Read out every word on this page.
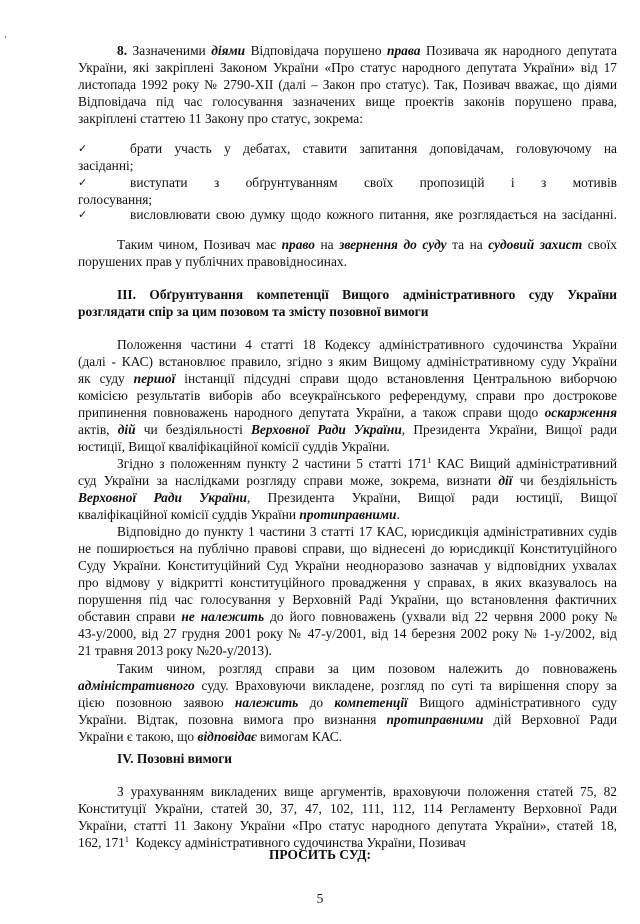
8. Зазначеними діями Відповідача порушено права Позивача як народного депутата
України, які закріплені Законом України «Про статус народного депутата України» від 17
листопада 1992 року № 2790-XII (далі – Закон про статус). Так, Позивач вважає, що діями
Відповідача під час голосування зазначених вище проектів законів порушено права,
закріплені статтею 11 Закону про статус, зокрема:
✓	брати участь у дебатах, ставити запитання доповідачам, головуючому на
засіданні;
✓	виступати з обґрунтуванням своїх пропозицій і з мотивів
голосування;
✓	висловлювати свою думку щодо кожного питання, яке розглядається на засіданні.
Таким чином, Позивач має право на звернення до суду та на судовий захист своїх
порушених прав у публічних правовідносинах.
ІІІ. Обґрунтування компетенції Вищого адміністративного суду України
розглядати спір за цим позовом та змісту позовної вимоги
Положення частини 4 статті 18 Кодексу адміністративного судочинства України
(далі - КАС) встановлює правило, згідно з яким Вищому адміністративному суду України
як суду першої інстанції підсудні справи щодо встановлення Центральною виборчою
комісією результатів виборів або всеукраїнського референдуму, справи про дострокове
припинення повноважень народного депутата України, а також справи щодо оскарження
актів, дій чи бездіяльності Верховної Ради України, Президента України, Вищої ради
юстиції, Вищої кваліфікаційної комісії суддів України.
Згідно з положенням пункту 2 частини 5 статті $171^1$ КАС Вищий адміністративний
суд України за наслідками розгляду справи може, зокрема, визнати дії чи бездіяльність
Верховної Ради України, Президента України, Вищої ради юстиції, Вищої
кваліфікаційної комісії суддів України протиправними.
Відповідно до пункту 1 частини 3 статті 17 КАС, юрисдикція адміністративних судів
не поширюється на публічно правові справи, що віднесені до юрисдикції Конституційного
Суду України. Конституційний Суд України неодноразово зазначав у відповідних ухвалах
про відмову у відкритті конституційного провадження у справах, в яких вказувалось на
порушення під час голосування у Верховній Раді України, що встановлення фактичних
обставин справи не належить до його повноважень (ухвали від 22 червня 2000 року №
43-у/2000, від 27 грудня 2001 року № 47-у/2001, від 14 березня 2002 року № 1-у/2002, від
21 травня 2013 року №20-у/2013).
Таким чином, розгляд справи за цим позовом належить до повноважень
адміністративного суду. Враховуючи викладене, розгляд по суті та вирішення спору за
цією позовною заявою належить до компетенції Вищого адміністративного суду
України. Відтак, позовна вимога про визнання протиправними дій Верховної Ради
України є такою, що відповідає вимогам КАС.
IV. Позовні вимоги
З урахуванням викладених вище аргументів, враховуючи положення статей 75, 82
Конституції України, статей 30, 37, 47, 102, 111, 112, 114 Регламенту Верховної Ради
України, статті 11 Закону України «Про статус народного депутата України», статей 18,
162, $171^1$  Кодексу адміністративного судочинства України, Позивач
ПРОСИТЬ СУД:
5
